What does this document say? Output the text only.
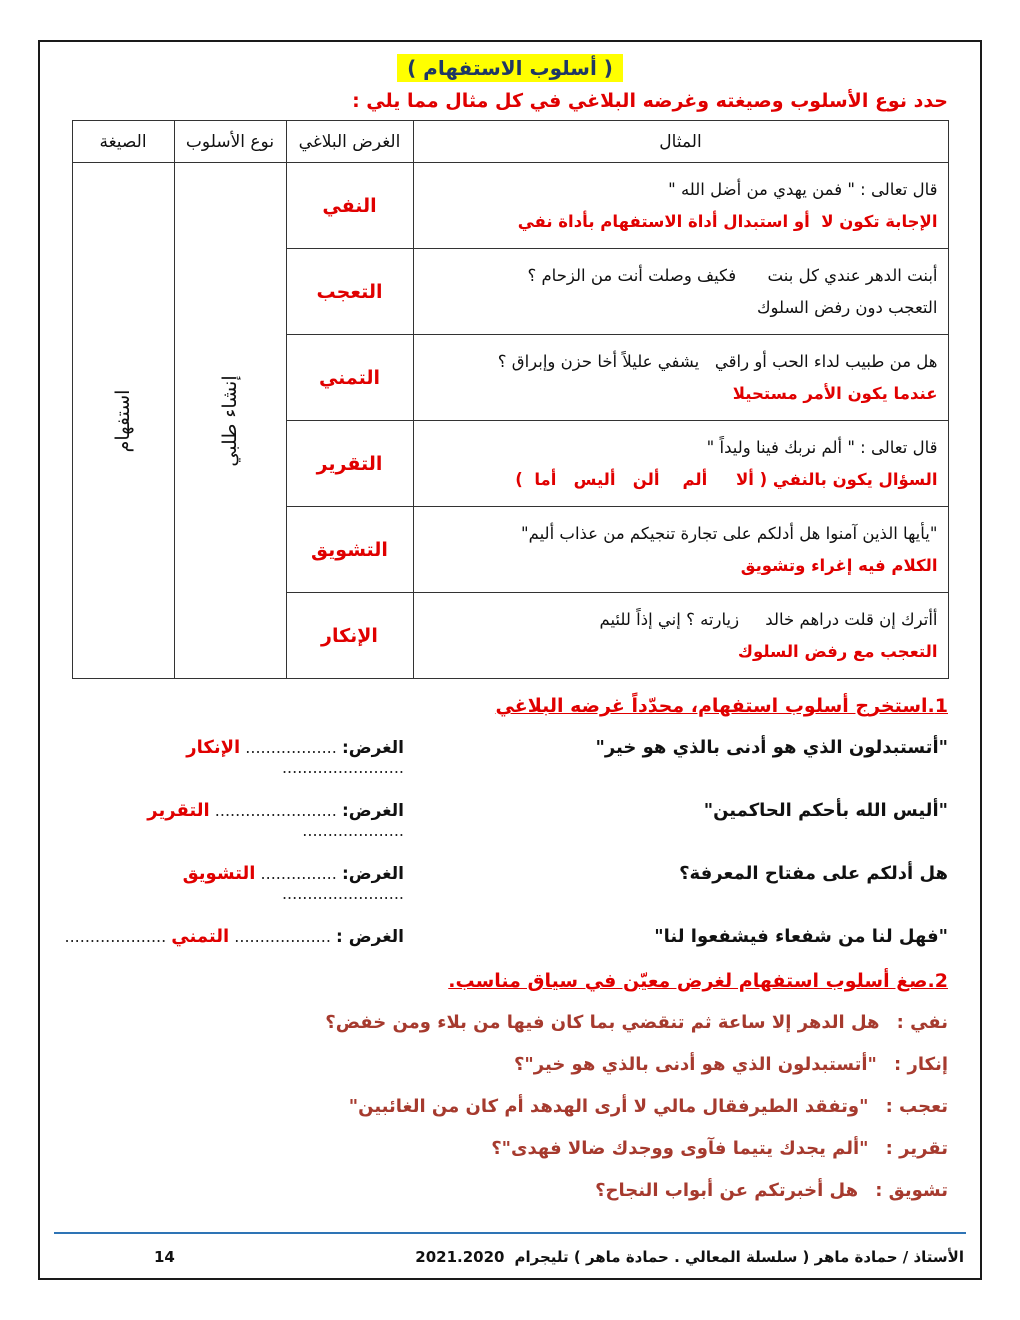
( أسلوب الاستفهام )
حدد نوع الأسلوب وصيغته وغرضه البلاغي في كل مثال مما يلي :
المثال	الغرض البلاغي	نوع الأسلوب	الصيغة

قال تعالى : " فمن يهدي من أضل الله "
الإجابة تكون لا  أو استبدال أداة الاستفهام بأداة نفي	النفي	إنشاء طلبي	استفهام

أبنت الدهر عندي كل بنت      فكيف وصلت أنت من الزحام ؟
التعجب دون رفض السلوك	التعجب		

هل من طبيب لداء الحب أو راقي   يشفي عليلاً أخا حزن وإبراق ؟
عندما يكون الأمر مستحيلا	التمني		

قال تعالى : " ألم نربك فينا وليداً "
السؤال يكون بالنفي ( ألا     ألم    ألن   أليس   أما  )	التقرير		

"يأيها الذين آمنوا هل أدلكم على تجارة تنجيكم من عذاب أليم"
الكلام فيه إغراء وتشويق	التشويق		

أأترك إن قلت دراهم خالد     زيارته ؟ إني إذاً للئيم
التعجب مع رفض السلوك	الإنكار		
1.استخرج أسلوب استفهام، محدّداً غرضه البلاغي
"أتستبدلون الذي هو أدنى بالذي هو خير"
الغرض: .................. الإنكار ........................
"أليس الله بأحكم الحاكمين"
الغرض: ........................ التقرير ....................
هل أدلكم على مفتاح المعرفة؟
الغرض: ............... التشويق ........................
"فهل لنا من شفعاء فيشفعوا لنا"
الغرض : ................... التمني ....................
2.صغ أسلوب استفهام لغرض معيّن في سياق مناسب.
نفي : هل الدهر إلا ساعة ثم تنقضي بما كان فيها من بلاء ومن خفض؟
إنكار : "أتستبدلون الذي هو أدنى بالذي هو خير"؟
تعجب : "وتفقد الطيرفقال مالي لا أرى الهدهد أم كان من الغائبين"
تقرير : "ألم يجدك يتيما فآوى ووجدك ضالا فهدى"؟
تشويق : هل أخبرتكم عن أبواب النجاح؟
الأستاذ / حمادة ماهر ( سلسلة المعالي . حمادة ماهر ) تليجرام
2021.2020
14
